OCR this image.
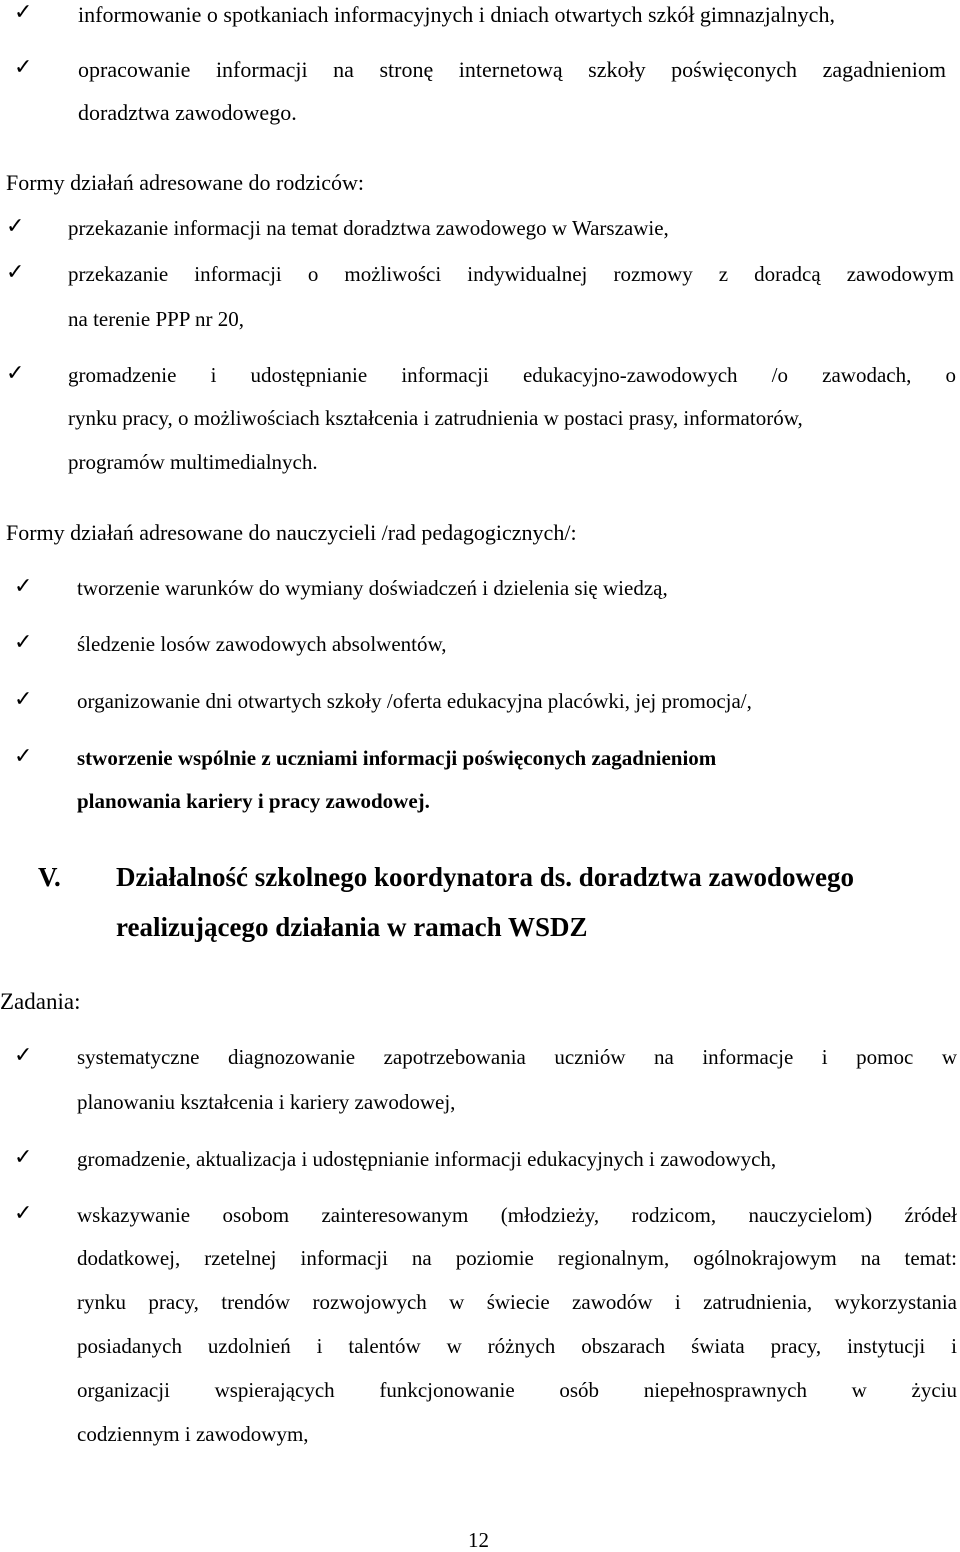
✓ informowanie o spotkaniach informacyjnych i dniach otwartych szkół gimnazjalnych,
✓ opracowanie informacji na stronę internetową szkoły poświęconych zagadnieniom
doradztwa zawodowego.
Formy działań adresowane do rodziców:
✓ przekazanie informacji na temat doradztwa zawodowego w Warszawie,
✓ przekazanie informacji o możliwości indywidualnej rozmowy z doradcą zawodowym
na terenie PPP nr 20,
✓ gromadzenie i udostępnianie informacji edukacyjno-zawodowych /o zawodach, o
rynku pracy, o możliwościach kształcenia i zatrudnienia w postaci prasy, informatorów,
programów multimedialnych.
Formy działań adresowane do nauczycieli /rad pedagogicznych/:
✓ tworzenie warunków do wymiany doświadczeń i dzielenia się wiedzą,
✓ śledzenie losów zawodowych absolwentów,
✓ organizowanie dni otwartych szkoły /oferta edukacyjna placówki, jej promocja/,
✓ stworzenie wspólnie z uczniami informacji poświęconych zagadnieniom
planowania kariery i pracy zawodowej.
V. Działalność szkolnego koordynatora ds. doradztwa zawodowego
realizującego działania w ramach WSDZ
Zadania:
✓ systematyczne diagnozowanie zapotrzebowania uczniów na informacje i pomoc w
planowaniu kształcenia i kariery zawodowej,
✓ gromadzenie, aktualizacja i udostępnianie informacji edukacyjnych i zawodowych,
✓ wskazywanie osobom zainteresowanym (młodzieży, rodzicom, nauczycielom) źródeł
dodatkowej, rzetelnej informacji na poziomie regionalnym, ogólnokrajowym na temat:
rynku pracy, trendów rozwojowych w świecie zawodów i zatrudnienia, wykorzystania
posiadanych uzdolnień i talentów w różnych obszarach świata pracy, instytucji i
organizacji wspierających funkcjonowanie osób niepełnosprawnych w życiu
codziennym i zawodowym,
12
